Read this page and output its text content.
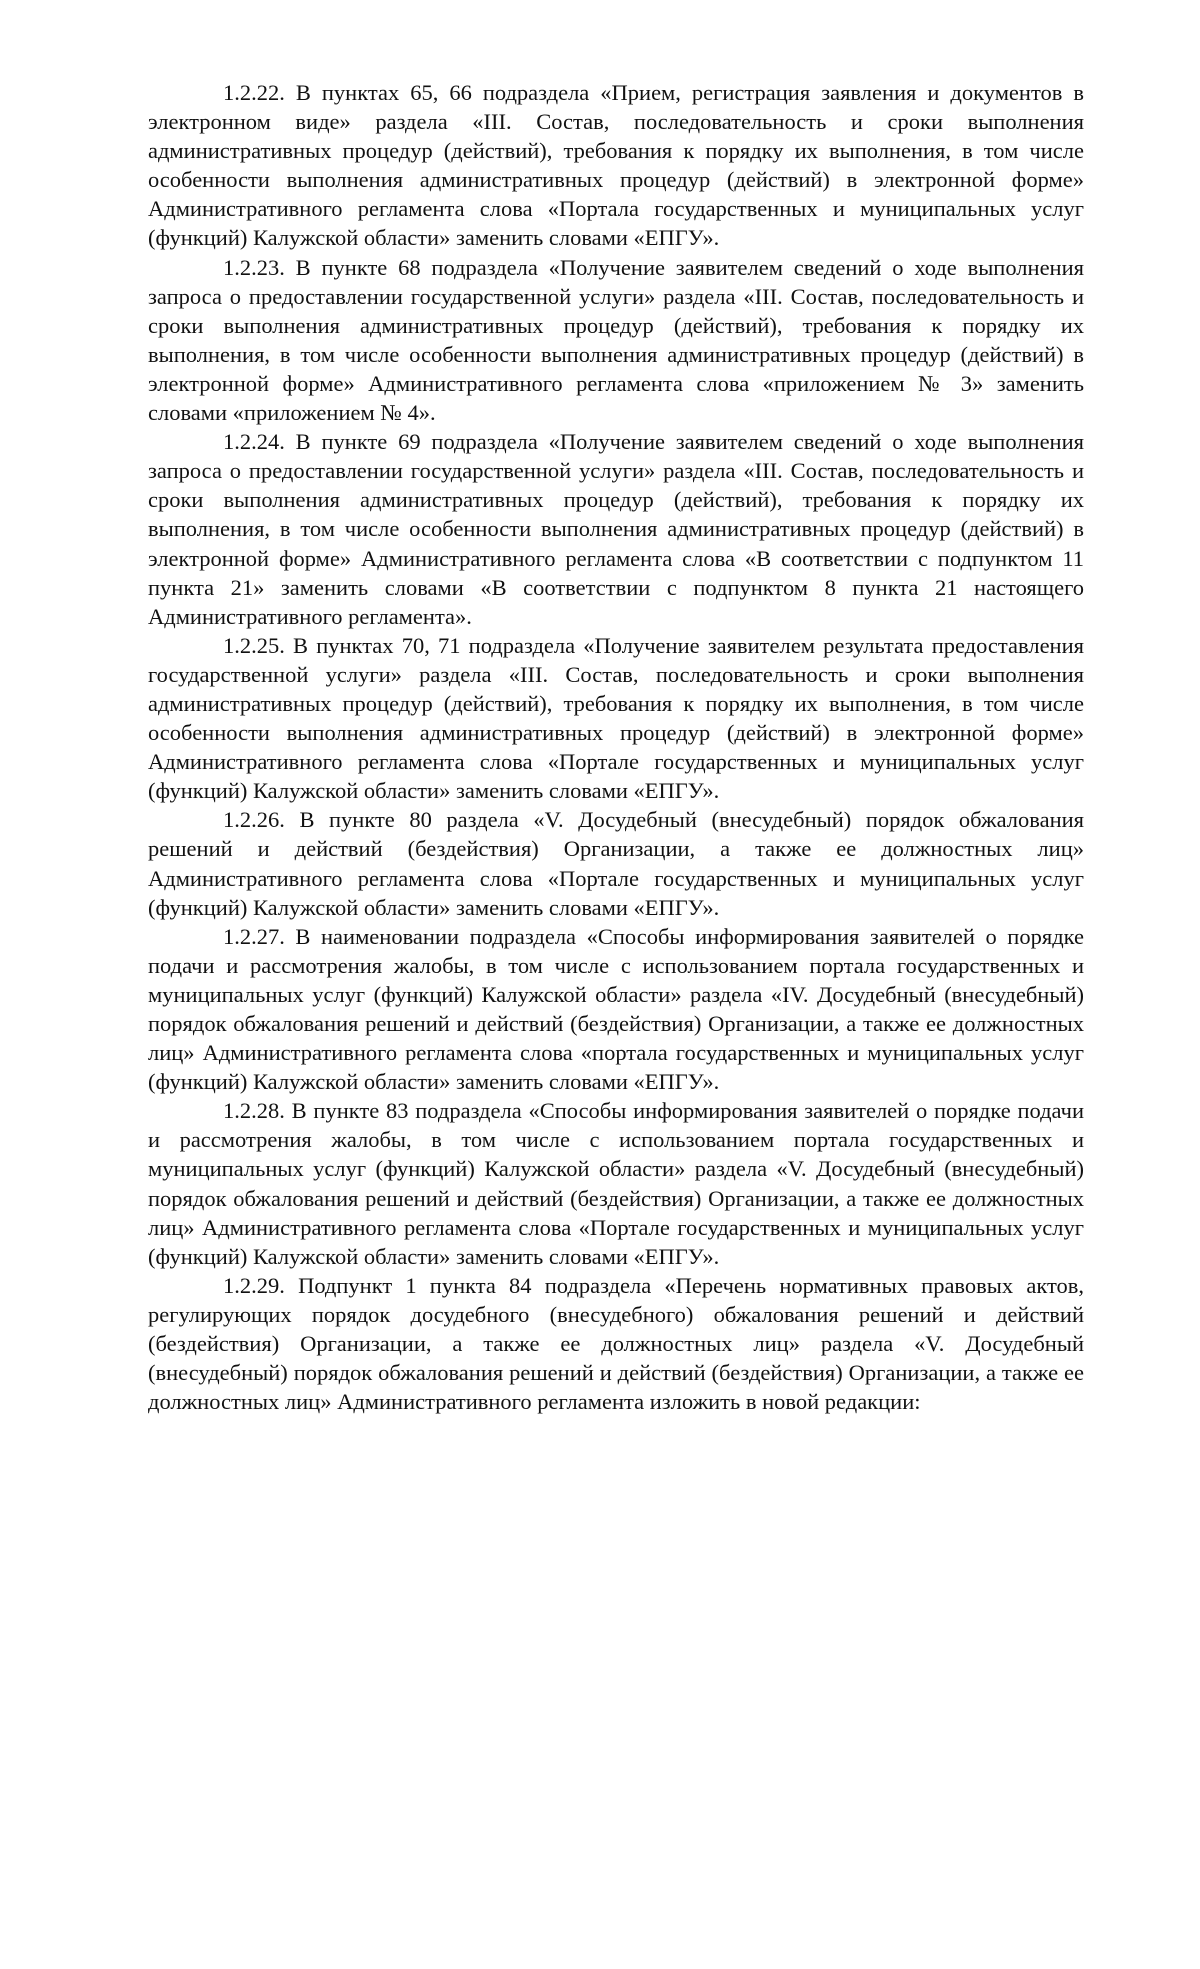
1.2.22. В пунктах 65, 66 подраздела «Прием, регистрация заявления и документов в электронном виде» раздела «III. Состав, последовательность и сроки выполнения административных процедур (действий), требования к порядку их выполнения, в том числе особенности выполнения административных процедур (действий) в электронной форме» Административного регламента слова «Портала государственных и муниципальных услуг (функций) Калужской области» заменить словами «ЕПГУ».

1.2.23. В пункте 68 подраздела «Получение заявителем сведений о ходе выполнения запроса о предоставлении государственной услуги» раздела «III. Состав, последовательность и сроки выполнения административных процедур (действий), требования к порядку их выполнения, в том числе особенности выполнения административных процедур (действий) в электронной форме» Административного регламента слова «приложением № 3» заменить словами «приложением № 4».

1.2.24. В пункте 69 подраздела «Получение заявителем сведений о ходе выполнения запроса о предоставлении государственной услуги» раздела «III. Состав, последовательность и сроки выполнения административных процедур (действий), требования к порядку их выполнения, в том числе особенности выполнения административных процедур (действий) в электронной форме» Административного регламента слова «В соответствии с подпунктом 11 пункта 21» заменить словами «В соответствии с подпунктом 8 пункта 21 настоящего Административного регламента».

1.2.25. В пунктах 70, 71 подраздела «Получение заявителем результата предоставления государственной услуги» раздела «III. Состав, последовательность и сроки выполнения административных процедур (действий), требования к порядку их выполнения, в том числе особенности выполнения административных процедур (действий) в электронной форме» Административного регламента слова «Портале государственных и муниципальных услуг (функций) Калужской области» заменить словами «ЕПГУ».

1.2.26. В пункте 80 раздела «V. Досудебный (внесудебный) порядок обжалования решений и действий (бездействия) Организации, а также ее должностных лиц» Административного регламента слова «Портале государственных и муниципальных услуг (функций) Калужской области» заменить словами «ЕПГУ».

1.2.27. В наименовании подраздела «Способы информирования заявителей о порядке подачи и рассмотрения жалобы, в том числе с использованием портала государственных и муниципальных услуг (функций) Калужской области» раздела «IV. Досудебный (внесудебный) порядок обжалования решений и действий (бездействия) Организации, а также ее должностных лиц» Административного регламента слова «портала государственных и муниципальных услуг (функций) Калужской области» заменить словами «ЕПГУ».

1.2.28. В пункте 83 подраздела «Способы информирования заявителей о порядке подачи и рассмотрения жалобы, в том числе с использованием портала государственных и муниципальных услуг (функций) Калужской области» раздела «V. Досудебный (внесудебный) порядок обжалования решений и действий (бездействия) Организации, а также ее должностных лиц» Административного регламента слова «Портале государственных и муниципальных услуг (функций) Калужской области» заменить словами «ЕПГУ».

1.2.29. Подпункт 1 пункта 84 подраздела «Перечень нормативных правовых актов, регулирующих порядок досудебного (внесудебного) обжалования решений и действий (бездействия) Организации, а также ее должностных лиц» раздела «V. Досудебный (внесудебный) порядок обжалования решений и действий (бездействия) Организации, а также ее должностных лиц» Административного регламента изложить в новой редакции:
